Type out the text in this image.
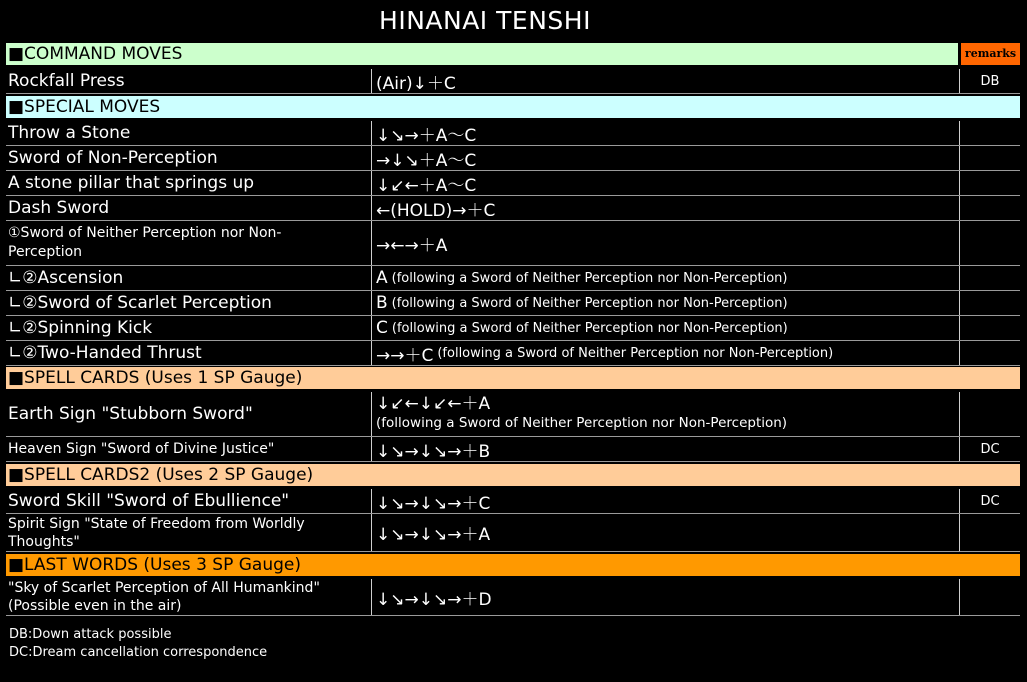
HINANAI TENSHI
■COMMAND MOVES	remarks
Rockfall Press	(Air)↓＋C	DB
■SPECIAL MOVES
Throw a Stone	↓↘→＋A～C
Sword of Non-Perception	→↓↘＋A～C
A stone pillar that springs up	↓↙←＋A～C
Dash Sword	←(HOLD)→＋C
①Sword of Neither Perception nor Non-Perception	→←→＋A
∟②Ascension	A (following a Sword of Neither Perception nor Non-Perception)
∟②Sword of Scarlet Perception	B (following a Sword of Neither Perception nor Non-Perception)
∟②Spinning Kick	C (following a Sword of Neither Perception nor Non-Perception)
∟②Two-Handed Thrust	→→＋C (following a Sword of Neither Perception nor Non-Perception)
■SPELL CARDS (Uses 1 SP Gauge)
Earth Sign "Stubborn Sword"	↓↙←↓↙←＋A
(following a Sword of Neither Perception nor Non-Perception)
Heaven Sign "Sword of Divine Justice"	↓↘→↓↘→＋B	DC
■SPELL CARDS2 (Uses 2 SP Gauge)
Sword Skill "Sword of Ebullience"	↓↘→↓↘→＋C	DC
Spirit Sign "State of Freedom from Worldly Thoughts"	↓↘→↓↘→＋A
■LAST WORDS (Uses 3 SP Gauge)
"Sky of Scarlet Perception of All Humankind"
(Possible even in the air)	↓↘→↓↘→＋D
DB:Down attack possible
DC:Dream cancellation correspondence
